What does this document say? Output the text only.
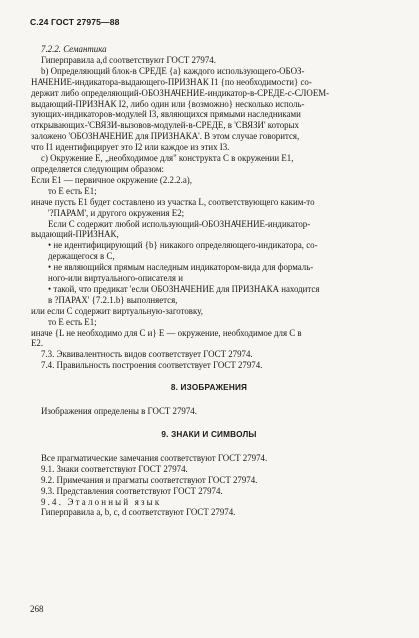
С.24 ГОСТ 27975—88

7.2.2. Семантика

Гиперправила a,d соответствуют ГОСТ 27974.

b) Определяющий блок-в СРЕДЕ {a} каждого использующего-ОБОЗ-

НАЧЕНИЕ-индикатора-выдающего-ПРИЗНАК I1 {по необходимости} со-

держит либо определяющий-ОБОЗНАЧЕНИЕ-индикатор-в-СРЕДЕ-с-СЛОЕМ-

выдающий-ПРИЗНАК I2, либо один или {возможно} несколько исполь-

зующих-индикаторов-модулей I3, являющихся прямыми наследниками

открывающих-'СВЯЗИ-вызовов-модулей-в-СРЕДЕ, в 'СВЯЗИ' которых

заложено 'ОБОЗНАЧЕНИЕ для ПРИЗНАКА'. В этом случае говорится,

что I1 идентифицирует это I2 или каждое из этих I3.

c) Окружение E, „необходимое для" конструкта C в окружении E1,

определяется следующим образом:

Если E1 — первичное окружение (2.2.2.a),

то E есть E1;

иначе пусть E1 будет составлено из участка L, соответствующего каким-то

'?ПАРАМ', и другого окружения E2;

Если C содержит любой использующий-ОБОЗНАЧЕНИЕ-индикатор-

выдающий-ПРИЗНАК,

• не идентифицирующий {b} никакого определяющего-индикатора, со-

держащегося в C,

• не являющийся прямым наследным индикатором-вида для формаль-

ного-или виртуального-описателя и

• такой, что предикат 'если ОБОЗНАЧЕНИЕ для ПРИЗНАКА находится

в ?ПАРАХ' {7.2.1.b} выполняется,

или если C содержит виртуальную-заготовку,

то E есть E1;

иначе {L не необходимо для C и} E — окружение, необходимое для C в

E2.

7.3. Эквивалентность видов соответствует ГОСТ 27974.

7.4. Правильность построения соответствует ГОСТ 27974.

8. ИЗОБРАЖЕНИЯ

Изображения определены в ГОСТ 27974.

9. ЗНАКИ И СИМВОЛЫ

Все прагматические замечания соответствуют ГОСТ 27974.

9.1. Знаки соответствуют ГОСТ 27974.

9.2. Примечания и прагматы соответствуют ГОСТ 27974.

9.3. Представления соответствуют ГОСТ 27974.

9.4. Эталонный язык

Гиперправила a, b, c, d соответствуют ГОСТ 27974.

268
